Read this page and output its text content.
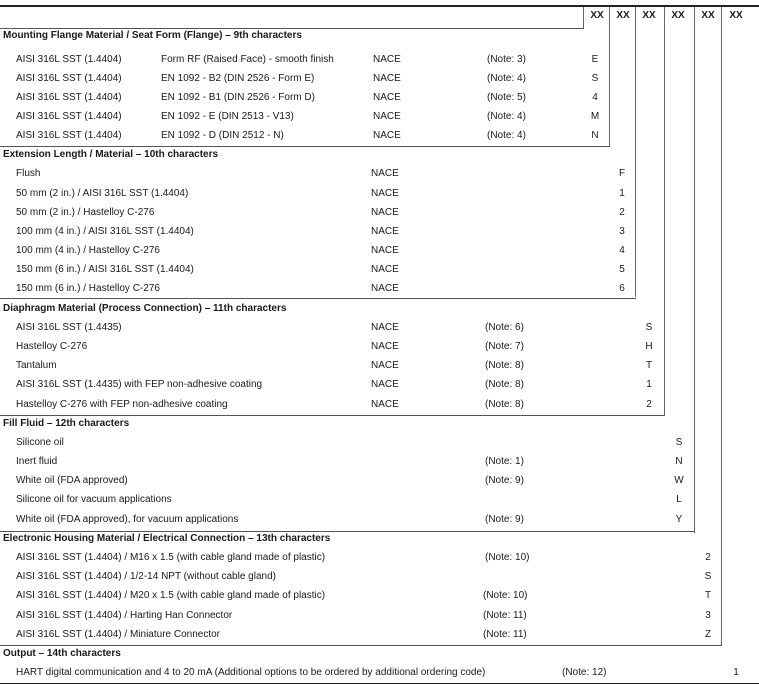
XX	XX	XX	XX	XX	XX
Mounting Flange Material / Seat Form (Flange) – 9th characters
AISI 316L SST (1.4404)	Form RF (Raised Face) - smooth finish	NACE	(Note: 3)	E
AISI 316L SST (1.4404)	EN 1092 - B2 (DIN 2526 - Form E)	NACE	(Note: 4)	S
AISI 316L SST (1.4404)	EN 1092 - B1 (DIN 2526 - Form D)	NACE	(Note: 5)	4
AISI 316L SST (1.4404)	EN 1092 - E (DIN 2513 - V13)	NACE	(Note: 4)	M
AISI 316L SST (1.4404)	EN 1092 - D (DIN 2512 - N)	NACE	(Note: 4)	N
Extension Length / Material – 10th characters
Flush	NACE	F
50 mm (2 in.) / AISI 316L SST (1.4404)	NACE	1
50 mm (2 in.) / Hastelloy C-276	NACE	2
100 mm (4 in.) / AISI 316L SST (1.4404)	NACE	3
100 mm (4 in.) / Hastelloy C-276	NACE	4
150 mm (6 in.) / AISI 316L SST (1.4404)	NACE	5
150 mm (6 in.) / Hastelloy C-276	NACE	6
Diaphragm Material (Process Connection) – 11th characters
AISI 316L SST (1.4435)	NACE	(Note: 6)	S
Hastelloy C-276	NACE	(Note: 7)	H
Tantalum	NACE	(Note: 8)	T
AISI 316L SST (1.4435) with FEP non-adhesive coating	NACE	(Note: 8)	1
Hastelloy C-276 with FEP non-adhesive coating	NACE	(Note: 8)	2
Fill Fluid – 12th characters
Silicone oil	S
Inert fluid	(Note: 1)	N
White oil (FDA approved)	(Note: 9)	W
Silicone oil for vacuum applications	L
White oil (FDA approved), for vacuum applications	(Note: 9)	Y
Electronic Housing Material / Electrical Connection – 13th characters
AISI 316L SST (1.4404) / M16 x 1.5 (with cable gland made of plastic)	(Note: 10)	2
AISI 316L SST (1.4404) / 1/2-14 NPT (without cable gland)	S
AISI 316L SST (1.4404) / M20 x 1.5 (with cable gland made of plastic)	(Note: 10)	T
AISI 316L SST (1.4404) / Harting Han Connector	(Note: 11)	3
AISI 316L SST (1.4404) / Miniature Connector	(Note: 11)	Z
Output – 14th characters
HART digital communication and 4 to 20 mA (Additional options to be ordered by additional ordering code)	(Note: 12)	1
